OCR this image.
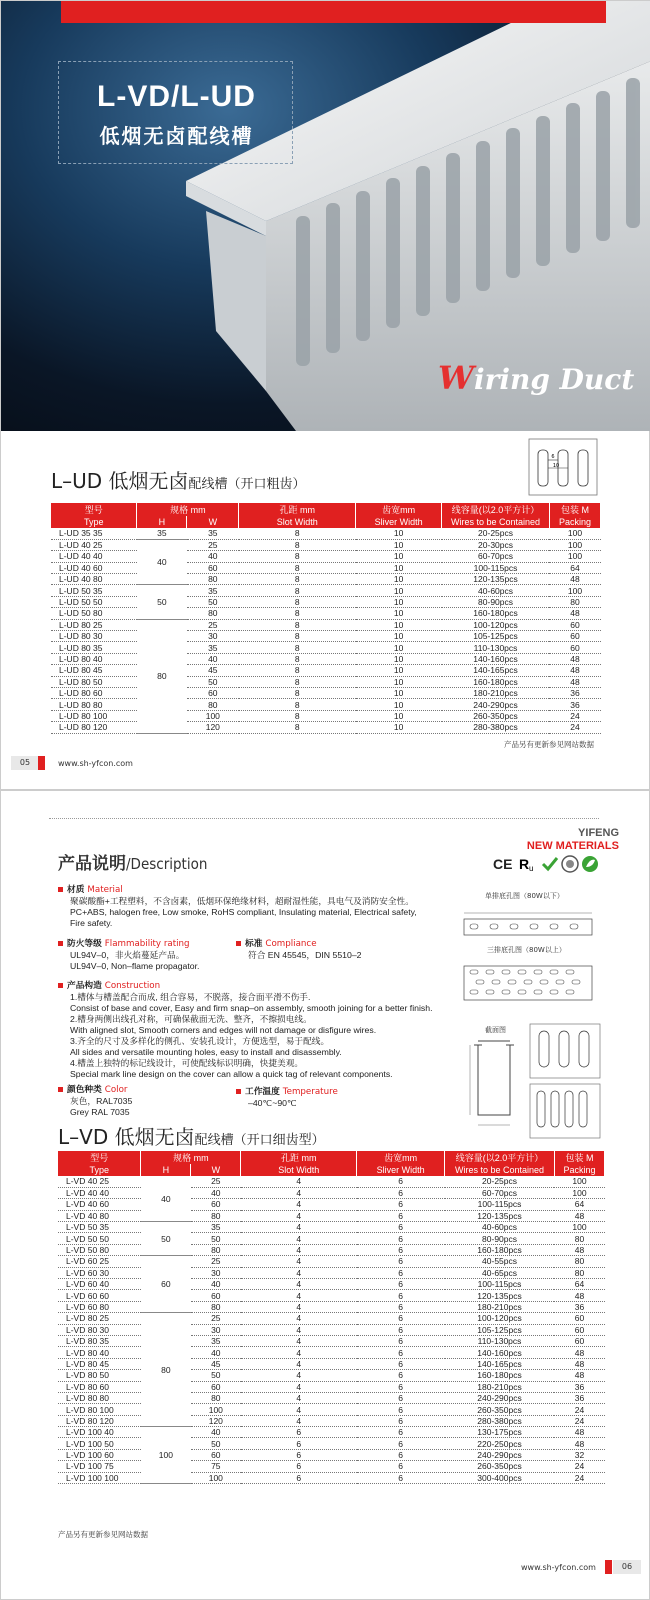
L-VD/L-UD
低烟无卤配线槽
Wiring Duct
L–UD 低烟无卤配线槽（开口粗齿）
6
10
型号	规格 mm		孔距 mm	齿宽mm	线容量(以2.0平方计）	包装 M
Type	H	W	Slot Width	Sliver Width	Wires to be Contained	Packing
L-UD 35 35	35	35	8	10	20-25pcs	100
L-UD 40 25	40	25	8	10	20-30pcs	100
L-UD 40 40		40	8	10	60-70pcs	100
L-UD 40 60		60	8	10	100-115pcs	64
L-UD 40 80		80	8	10	120-135pcs	48
L-UD 50 35	50	35	8	10	40-60pcs	100
L-UD 50 50		50	8	10	80-90pcs	80
L-UD 50 80		80	8	10	160-180pcs	48
L-UD 80 25	80	25	8	10	100-120pcs	60
L-UD 80 30		30	8	10	105-125pcs	60
L-UD 80 35		35	8	10	110-130pcs	60
L-UD 80 40		40	8	10	140-160pcs	48
L-UD 80 45		45	8	10	140-165pcs	48
L-UD 80 50		50	8	10	160-180pcs	48
L-UD 80 60		60	8	10	180-210pcs	36
L-UD 80 80		80	8	10	240-290pcs	36
L-UD 80 100		100	8	10	260-350pcs	24
L-UD 80 120		120	8	10	280-380pcs	24
产品另有更新参见网站数据
05	www.sh-yfcon.com
YIFENG
NEW MATERIALS
CE R u
产品说明/Description
材质 Material
聚碳酸酯+工程塑料，不含卤素，低烟环保绝缘材料，超耐湿性能，具电气及消防安全性。
PC+ABS, halogen free, Low smoke, RoHS compliant, Insulating material, Electrical safety,
Fire safety.
防火等级 Flammability rating
UL94V–0，非火焰蔓延产品。
UL94V–0, Non–flame propagator.
标准 Compliance
符合 EN 45545，DIN 5510–2
产品构造 Construction
1.槽体与槽盖配合而成, 组合容易，不脱落，接合面平滑不伤手.
Consist of base and cover, Easy and firm snap–on assembly, smooth joining for a better finish.
2.槽身两侧出线孔对称，可确保截面无洗、整齐，不擦损电线。
With aligned slot, Smooth corners and edges will not damage or disfigure wires.
3.齐全的尺寸及多样化的侧孔、安装孔设计，方便选型，易于配线。
All sides and versatile mounting holes, easy to install and disassembly.
4.槽盖上独特的标记线设计，可使配线标识明确，快捷美观。
Special mark line design on the cover can allow a quick tag of relevant components.
颜色种类 Color
灰色，RAL7035
Grey RAL 7035
工作温度 Temperature
–40℃~90℃
单排底孔图（80W以下）
三排底孔图（80W以上）
截面图
L–VD 低烟无卤配线槽（开口细齿型）
型号	规格 mm		孔距 mm	齿宽mm	线容量(以2.0平方计）	包装 M
Type	H	W	Slot Width	Sliver Width	Wires to be Contained	Packing
L-VD 40 25	40	25	4	6	20-25pcs	100
L-VD 40 40		40	4	6	60-70pcs	100
L-VD 40 60		60	4	6	100-115pcs	64
L-VD 40 80		80	4	6	120-135pcs	48
L-VD 50 35	50	35	4	6	40-60pcs	100
L-VD 50 50		50	4	6	80-90pcs	80
L-VD 50 80		80	4	6	160-180pcs	48
L-VD 60 25	60	25	4	6	40-55pcs	80
L-VD 60 30		30	4	6	40-65pcs	80
L-VD 60 40		40	4	6	100-115pcs	64
L-VD 60 60		60	4	6	120-135pcs	48
L-VD 60 80		80	4	6	180-210pcs	36
L-VD 80 25	80	25	4	6	100-120pcs	60
L-VD 80 30		30	4	6	105-125pcs	60
L-VD 80 35		35	4	6	110-130pcs	60
L-VD 80 40		40	4	6	140-160pcs	48
L-VD 80 45		45	4	6	140-165pcs	48
L-VD 80 50		50	4	6	160-180pcs	48
L-VD 80 60		60	4	6	180-210pcs	36
L-VD 80 80		80	4	6	240-290pcs	36
L-VD 80 100		100	4	6	260-350pcs	24
L-VD 80 120		120	4	6	280-380pcs	24
L-VD 100 40	100	40	6	6	130-175pcs	48
L-VD 100 50		50	6	6	220-250pcs	48
L-VD 100 60		60	6	6	240-290pcs	32
L-VD 100 75		75	6	6	260-350pcs	24
L-VD 100 100		100	6	6	300-400pcs	24
产品另有更新参见网站数据
www.sh-yfcon.com	06
